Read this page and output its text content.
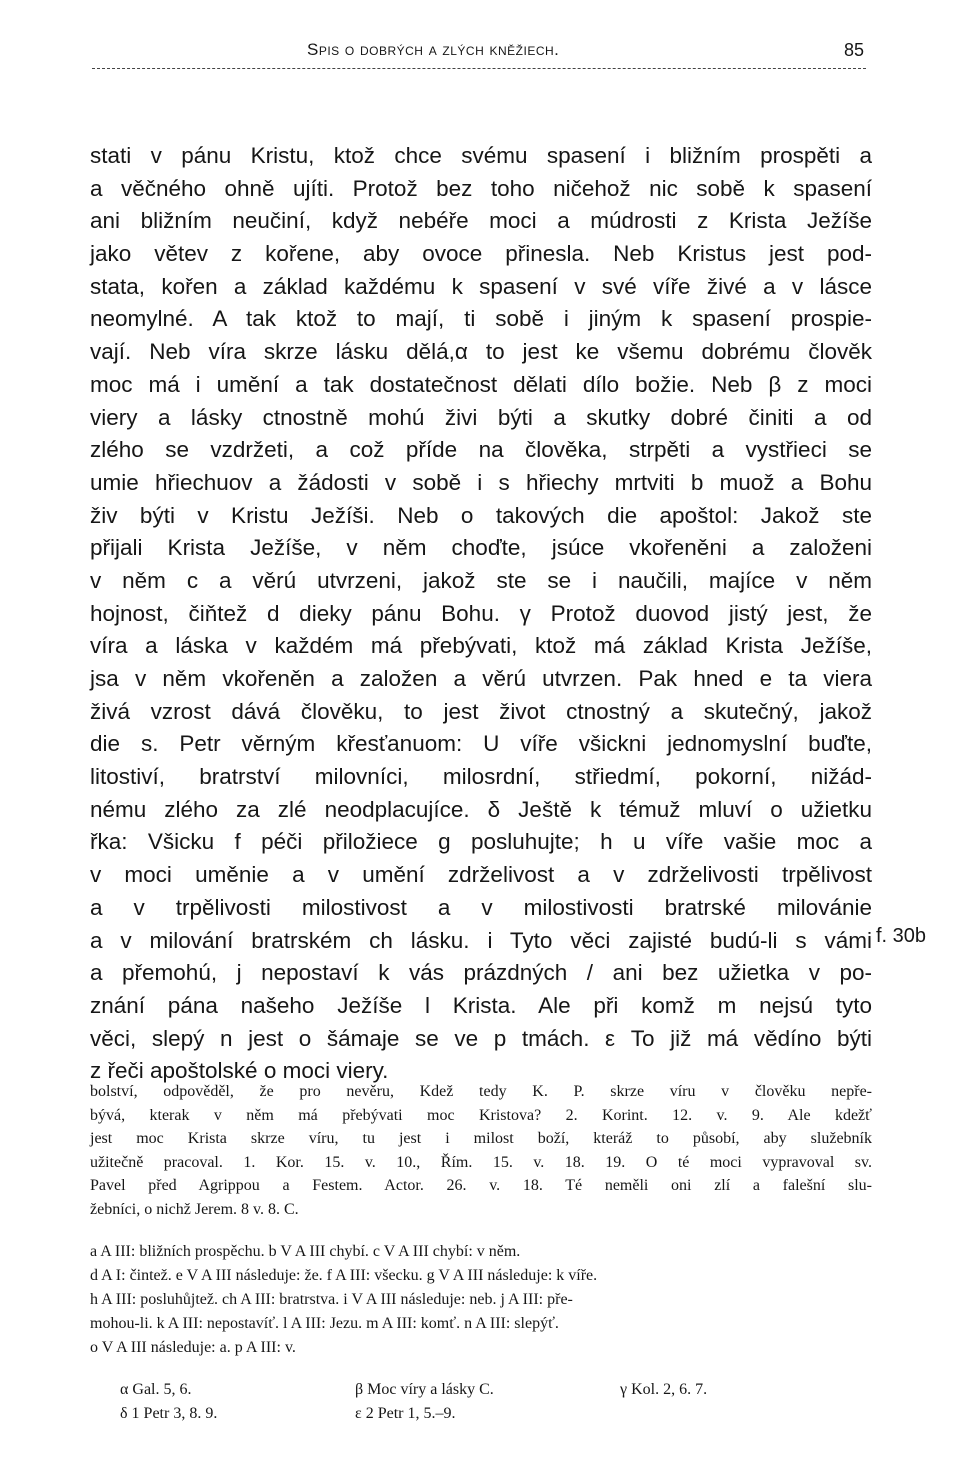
Spis o dobrých a zlých kněžiech.	85
stati v pánu Kristu, ktož chce svému spasení i bližním prospěti a
a věčného ohně ujíti. Protož bez toho ničehož nic sobě k spasení
ani bližním neučiní, když nebéře moci a múdrosti z Krista Ježíše
jako větev z kořene, aby ovoce přinesla. Neb Kristus jest pod-
stata, kořen a základ každému k spasení v své víře živé a v lásce
neomylné. A tak ktož to mají, ti sobě i jiným k spasení prospie-
vají. Neb víra skrze lásku dělá,α to jest ke všemu dobrému člověk
moc má i umění a tak dostatečnost dělati dílo božie. Neb β z moci
viery a lásky ctnostně mohú živi býti a skutky dobré činiti a od
zlého se vzdržeti, a což příde na člověka, strpěti a vystřieci se
umie hřiechuov a žádosti v sobě i s hřiechy mrtviti b muož a Bohu
živ býti v Kristu Ježíši. Neb o takových die apoštol: Jakož ste
přijali Krista Ježíše, v něm choďte, jsúce vkořeněni a založeni
v něm c a věrú utvrzeni, jakož ste se i naučili, majíce v něm
hojnost, čiňtež d dieky pánu Bohu. γ Protož duovod jistý jest, že
víra a láska v každém má přebývati, ktož má základ Krista Ježíše,
jsa v něm vkořeněn a založen a věrú utvrzen. Pak hned e ta viera
živá vzrost dává člověku, to jest život ctnostný a skutečný, jakož
die s. Petr věrným křesťanuom: U víře všickni jednomyslní buďte,
litostiví, bratrství milovníci, milosrdní, střiedmí, pokorní, nižád-
nému zlého za zlé neodplacujíce. δ Ještě k témuž mluví o užietku
řka: Všicku f péči přiložiece g posluhujte; h u víře vašie moc a
v moci uměnie a v umění zdrželivost a v zdrželivosti trpělivost
a v trpělivosti milostivost a v milostivosti bratrské milovánie
a v milování bratrském ch lásku. i Tyto věci zajisté budú-li s vámi
a přemohú, j nepostaví k vás prázdných / ani bez užietka v po-
znání pána našeho Ježíše l Krista. Ale při komž m nejsú tyto
věci, slepý n jest o šámaje se ve p tmách. ε To již má vědíno býti
z řeči apoštolské o moci viery.
f. 30b
bolství, odpověděl, že pro nevěru, Kdež tedy K. P. skrze víru v člověku nepře-
bývá, kterak v něm má přebývati moc Kristova? 2. Korint. 12. v. 9. Ale kdežť
jest moc Krista skrze víru, tu jest i milost boží, kteráž to působí, aby služebník
užitečně pracoval. 1. Kor. 15. v. 10., Řím. 15. v. 18. 19. O té moci vypravoval sv.
Pavel před Agrippou a Festem. Actor. 26. v. 18. Té neměli oni zlí a falešní slu-
žebníci, o nichž Jerem. 8 v. 8. C.
a A III: bližních prospěchu. b V A III chybí. c V A III chybí: v něm.
d A I: čintež. e V A III následuje: že. f A III: všecku. g V A III následuje: k víře.
h A III: posluhůjtež. ch A III: bratrstva. i V A III následuje: neb. j A III: pře-
mohou-li. k A III: nepostavíť. l A III: Jezu. m A III: komť. n A III: slepýť.
o V A III následuje: a. p A III: v.
α Gal. 5, 6.	β Moc víry a lásky C.	γ Kol. 2, 6. 7.
δ 1 Petr 3, 8. 9.	ε 2 Petr 1, 5.–9.
